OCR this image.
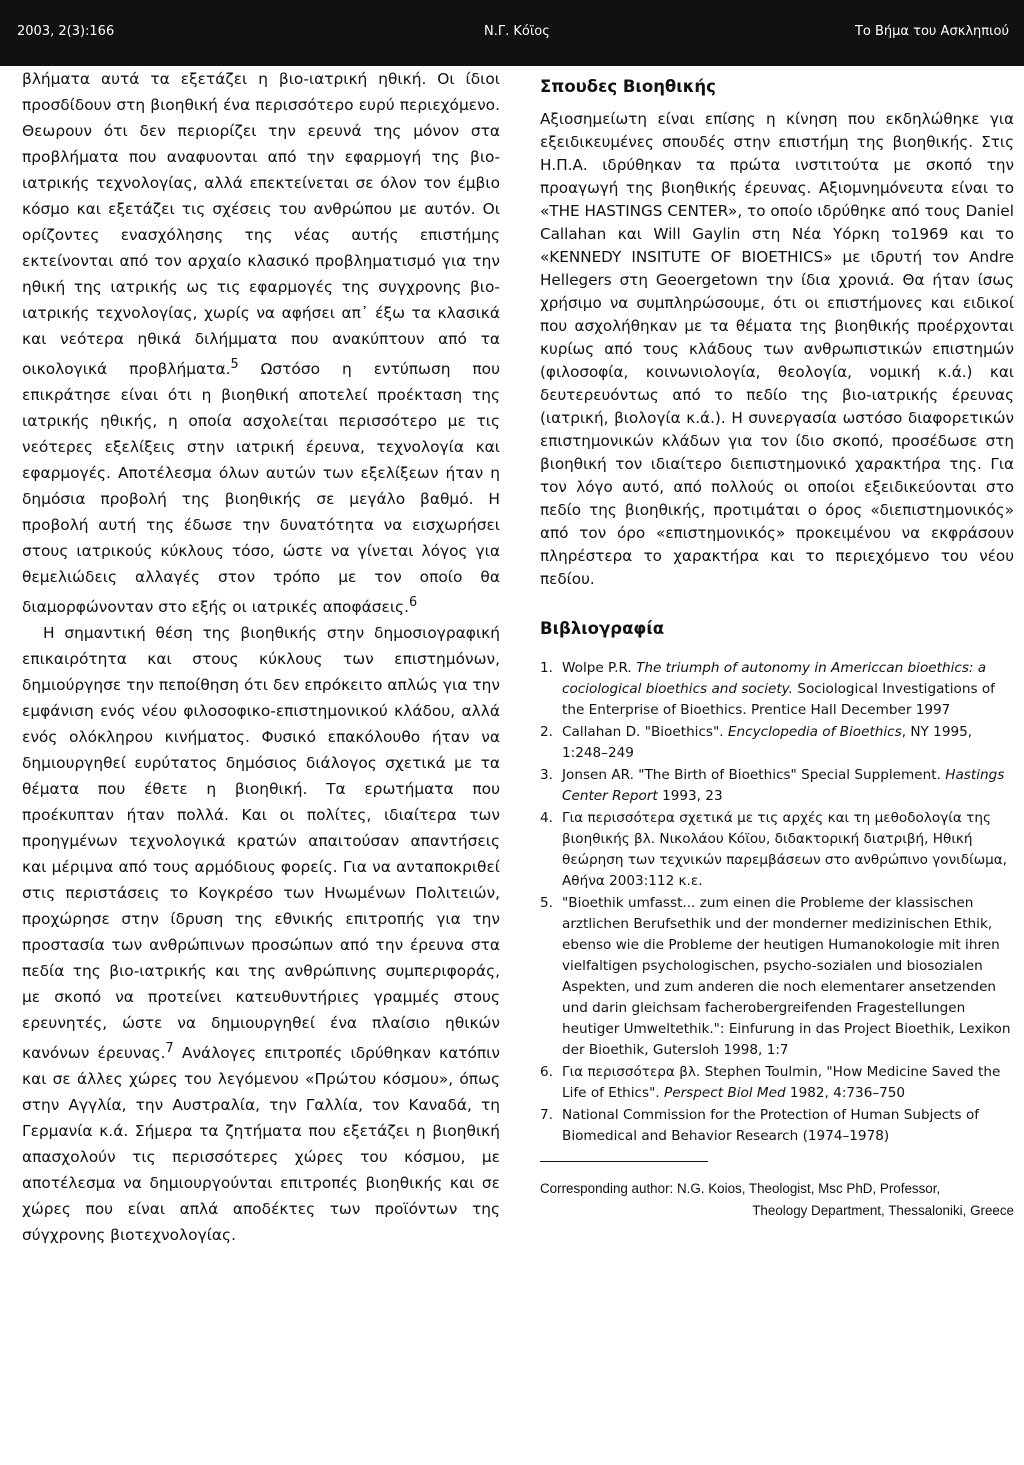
2003, 2(3):166	Ν.Γ. Κόϊος	Το Βήμα του Ασκληπιού

βλήματα αυτά τα εξετάζει η βιο-ιατρική ηθική. Οι ίδιοι προσδίδουν στη βιοηθική ένα περισσότερο ευρύ περιεχόμενο. Θεωρουν ότι δεν περιορίζει την ερευνά της μόνον στα προβλήματα που αναφυονται από την εφαρμογή της βιο-ιατρικής τεχνολογίας, αλλά επεκτείνεται σε όλον τον έμβιο κόσμο και εξετάζει τις σχέσεις του ανθρώπου με αυτόν. Οι ορίζοντες ενασχόλησης της νέας αυτής επιστήμης εκτείνονται από τον αρχαίο κλασικό προβληματισμό για την ηθική της ιατρικής ως τις εφαρμογές της συγχρονης βιο-ιατρικής τεχνολογίας, χωρίς να αφήσει απ᾽ έξω τα κλασικά και νεότερα ηθικά διλήμματα που ανακύπτουν από τα οικολογικά προβλήματα.$^5$ Ωστόσο η εντύπωση που επικράτησε είναι ότι η βιοηθική αποτελεί προέκταση της ιατρικής ηθικής, η οποία ασχολείται περισσότερο με τις νεότερες εξελίξεις στην ιατρική έρευνα, τεχνολογία και εφαρμογές. Αποτέλεσμα όλων αυτών των εξελίξεων ήταν η δημόσια προβολή της βιοηθικής σε μεγάλο βαθμό. Η προβολή αυτή της έδωσε την δυνατότητα να εισχωρήσει στους ιατρικούς κύκλους τόσο, ώστε να γίνεται λόγος για θεμελιώδεις αλλαγές στον τρόπο με τον οποίο θα διαμορφώνονταν στο εξής οι ιατρικές αποφάσεις.$^6$

Η σημαντική θέση της βιοηθικής στην δημοσιογραφική επικαιρότητα και στους κύκλους των επιστημόνων, δημιούργησε την πεποίθηση ότι δεν επρόκειτο απλώς για την εμφάνιση ενός νέου φιλοσοφικο-επιστημονικού κλάδου, αλλά ενός ολόκληρου κινήματος. Φυσικό επακόλουθο ήταν να δημιουργηθεί ευρύτατος δημόσιος διάλογος σχετικά με τα θέματα που έθετε η βιοηθική. Τα ερωτήματα που προέκυπταν ήταν πολλά. Και οι πολίτες, ιδιαίτερα των προηγμένων τεχνολογικά κρατών απαιτούσαν απαντήσεις και μέριμνα από τους αρμόδιους φορείς. Για να ανταποκριθεί στις περιστάσεις το Κογκρέσο των Ηνωμένων Πολιτειών, προχώρησε στην ίδρυση της εθνικής επιτροπής για την προστασία των ανθρώπινων προσώπων από την έρευνα στα πεδία της βιο-ιατρικής και της ανθρώπινης συμπεριφοράς, με σκοπό να προτείνει κατευθυντήριες γραμμές στους ερευνητές, ώστε να δημιουργηθεί ένα πλαίσιο ηθικών κανόνων έρευνας.$^7$ Ανάλογες επιτροπές ιδρύθηκαν κατόπιν και σε άλλες χώρες του λεγόμενου «Πρώτου κόσμου», όπως στην Αγγλία, την Αυστραλία, την Γαλλία, τον Καναδά, τη Γερμανία κ.ά. Σήμερα τα ζητήματα που εξετάζει η βιοηθική απασχολούν τις περισσότερες χώρες του κόσμου, με αποτέλεσμα να δημιουργούνται επιτροπές βιοηθικής και σε χώρες που είναι απλά αποδέκτες των προϊόντων της σύγχρονης βιοτεχνολογίας.

Σπουδες Βιοηθικής

Αξιοσημείωτη είναι επίσης η κίνηση που εκδηλώθηκε για εξειδικευμένες σπουδές στην επιστήμη της βιοηθικής. Στις Η.Π.Α. ιδρύθηκαν τα πρώτα ινστιτούτα με σκοπό την προαγωγή της βιοηθικής έρευνας. Αξιομνημόνευτα είναι το «THE HASTINGS CENTER», το οποίο ιδρύθηκε από τους Daniel Callahan και Will Gaylin στη Νέα Υόρκη το1969 και το «KENNEDY INSITUTE OF BIOETHICS» με ιδρυτή τον Andre Hellegers στη Geoergetown την ίδια χρονιά. Θα ήταν ίσως χρήσιμο να συμπληρώσουμε, ότι οι επιστήμονες και ειδικοί που ασχολήθηκαν με τα θέματα της βιοηθικής προέρχονται κυρίως από τους κλάδους των ανθρωπιστικών επιστημών (φιλοσοφία, κοινωνιολογία, θεολογία, νομική κ.ά.) και δευτερευόντως από το πεδίο της βιο-ιατρικής έρευνας (ιατρική, βιολογία κ.ά.). Η συνεργασία ωστόσο διαφορετικών επιστημονικών κλάδων για τον ίδιο σκοπό, προσέδωσε στη βιοηθική τον ιδιαίτερο διεπιστημονικό χαρακτήρα της. Για τον λόγο αυτό, από πολλούς οι οποίοι εξειδικεύονται στο πεδίο της βιοηθικής, προτιμάται ο όρος «διεπιστημονικός» από τον όρο «επιστημονικός» προκειμένου να εκφράσουν πληρέστερα το χαρακτήρα και το περιεχόμενο του νέου πεδίου.

Βιβλιογραφία
1. Wolpe P.R. The triumph of autonomy in Americcan bioethics: a cociological bioethics and society. Sociological Investigations of the Enterprise of Bioethics. Prentice Hall December 1997
2. Callahan D. "Bioethics". Encyclopedia of Bioethics, NY 1995, 1:248–249
3. Jonsen AR. "The Birth of Bioethics" Special Supplement. Hastings Center Report 1993, 23
4. Για περισσότερα σχετικά με τις αρχές και τη μεθοδολογία της βιοηθικής βλ. Νικολάου Κόϊου, διδακτορική διατριβή, Ηθική θεώρηση των τεχνικών παρεμβάσεων στο ανθρώπινο γονιδίωμα, Αθήνα 2003:112 κ.ε.
5. "Bioethik umfasst... zum einen die Probleme der klassischen arztlichen Berufsethik und der monderner medizinischen Ethik, ebenso wie die Probleme der heutigen Humanokologie mit ihren vielfaltigen psychologischen, psycho-sozialen und biosozialen Aspekten, und zum anderen die noch elementarer ansetzenden und darin gleichsam facherobergreifenden Fragestellungen heutiger Umweltethik.": Einfurung in das Project Bioethik, Lexikon der Bioethik, Gutersloh 1998, 1:7
6. Για περισσότερα βλ. Stephen Toulmin, "How Medicine Saved the Life of Ethics". Perspect Biol Med 1982, 4:736–750
7. National Commission for the Protection of Human Subjects of Biomedical and Behavior Research (1974–1978)
Corresponding author: N.G. Koios, Theologist, Msc PhD, Professor,
Theology Department, Thessaloniki, Greece
